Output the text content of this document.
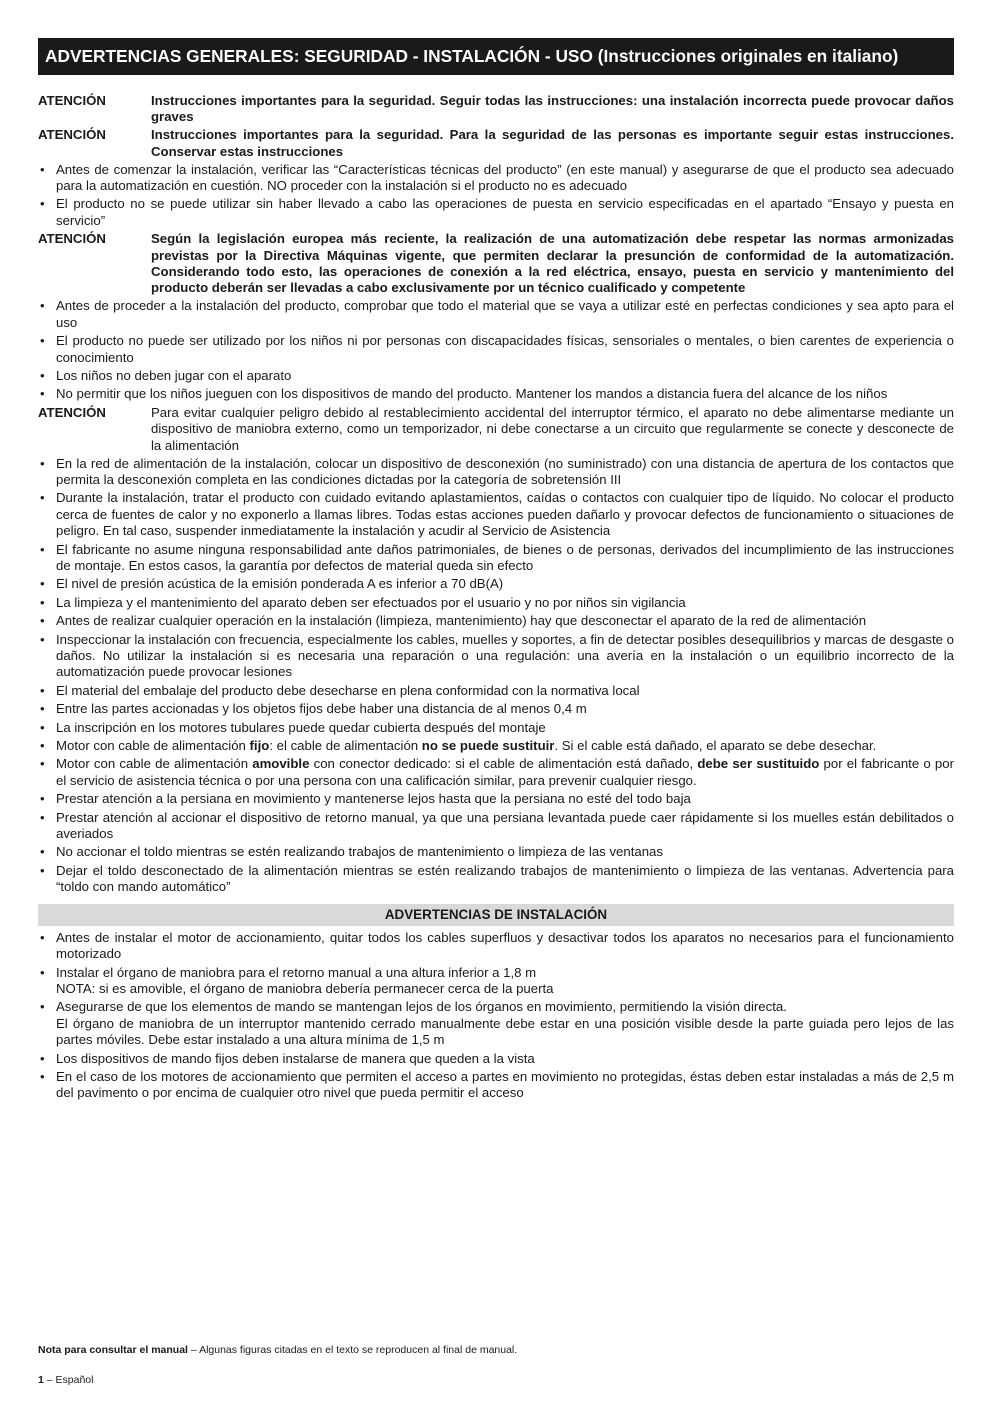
ADVERTENCIAS GENERALES: SEGURIDAD - INSTALACIÓN - USO (Instrucciones originales en italiano)
ATENCIÓN	Instrucciones importantes para la seguridad. Seguir todas las instrucciones: una instalación incorrecta puede provocar daños graves
ATENCIÓN	Instrucciones importantes para la seguridad. Para la seguridad de las personas es importante seguir estas instrucciones. Conservar estas instrucciones
• Antes de comenzar la instalación, verificar las “Características técnicas del producto” (en este manual) y asegurarse de que el producto sea adecuado para la automatización en cuestión. NO proceder con la instalación si el producto no es adecuado
• El producto no se puede utilizar sin haber llevado a cabo las operaciones de puesta en servicio especificadas en el apartado “Ensayo y puesta en servicio”
ATENCIÓN	Según la legislación europea más reciente, la realización de una automatización debe respetar las normas armonizadas previstas por la Directiva Máquinas vigente, que permiten declarar la presunción de conformidad de la automatización. Considerando todo esto, las operaciones de conexión a la red eléctrica, ensayo, puesta en servicio y mantenimiento del producto deberán ser llevadas a cabo exclusivamente por un técnico cualificado y competente
• Antes de proceder a la instalación del producto, comprobar que todo el material que se vaya a utilizar esté en perfectas condiciones y sea apto para el uso
• El producto no puede ser utilizado por los niños ni por personas con discapacidades físicas, sensoriales o mentales, o bien carentes de experiencia o conocimiento
• Los niños no deben jugar con el aparato
• No permitir que los niños jueguen con los dispositivos de mando del producto. Mantener los mandos a distancia fuera del alcance de los niños
ATENCIÓN	Para evitar cualquier peligro debido al restablecimiento accidental del interruptor térmico, el aparato no debe alimentarse mediante un dispositivo de maniobra externo, como un temporizador, ni debe conectarse a un circuito que regularmente se conecte y desconecte de la alimentación
• En la red de alimentación de la instalación, colocar un dispositivo de desconexión (no suministrado) con una distancia de apertura de los contactos que permita la desconexión completa en las condiciones dictadas por la categoría de sobretensión III
• Durante la instalación, tratar el producto con cuidado evitando aplastamientos, caídas o contactos con cualquier tipo de líquido. No colocar el producto cerca de fuentes de calor y no exponerlo a llamas libres. Todas estas acciones pueden dañarlo y provocar defectos de funcionamiento o situaciones de peligro. En tal caso, suspender inmediatamente la instalación y acudir al Servicio de Asistencia
• El fabricante no asume ninguna responsabilidad ante daños patrimoniales, de bienes o de personas, derivados del incumplimiento de las instrucciones de montaje. En estos casos, la garantía por defectos de material queda sin efecto
• El nivel de presión acústica de la emisión ponderada A es inferior a 70 dB(A)
• La limpieza y el mantenimiento del aparato deben ser efectuados por el usuario y no por niños sin vigilancia
• Antes de realizar cualquier operación en la instalación (limpieza, mantenimiento) hay que desconectar el aparato de la red de alimentación
• Inspeccionar la instalación con frecuencia, especialmente los cables, muelles y soportes, a fin de detectar posibles desequilibrios y marcas de desgaste o daños. No utilizar la instalación si es necesaria una reparación o una regulación: una avería en la instalación o un equilibrio incorrecto de la automatización puede provocar lesiones
• El material del embalaje del producto debe desecharse en plena conformidad con la normativa local
• Entre las partes accionadas y los objetos fijos debe haber una distancia de al menos 0,4 m
• La inscripción en los motores tubulares puede quedar cubierta después del montaje
• Motor con cable de alimentación fijo: el cable de alimentación no se puede sustituir. Si el cable está dañado, el aparato se debe desechar.
• Motor con cable de alimentación amovible con conector dedicado: si el cable de alimentación está dañado, debe ser sustituido por el fabricante o por el servicio de asistencia técnica o por una persona con una calificación similar, para prevenir cualquier riesgo.
• Prestar atención a la persiana en movimiento y mantenerse lejos hasta que la persiana no esté del todo baja
• Prestar atención al accionar el dispositivo de retorno manual, ya que una persiana levantada puede caer rápidamente si los muelles están debilitados o averiados
• No accionar el toldo mientras se estén realizando trabajos de mantenimiento o limpieza de las ventanas
• Dejar el toldo desconectado de la alimentación mientras se estén realizando trabajos de mantenimiento o limpieza de las ventanas. Advertencia para “toldo con mando automático”
ADVERTENCIAS DE INSTALACIÓN
• Antes de instalar el motor de accionamiento, quitar todos los cables superfluos y desactivar todos los aparatos no necesarios para el funcionamiento motorizado
• Instalar el órgano de maniobra para el retorno manual a una altura inferior a 1,8 m
NOTA: si es amovible, el órgano de maniobra debería permanecer cerca de la puerta
• Asegurarse de que los elementos de mando se mantengan lejos de los órganos en movimiento, permitiendo la visión directa.
El órgano de maniobra de un interruptor mantenido cerrado manualmente debe estar en una posición visible desde la parte guiada pero lejos de las partes móviles. Debe estar instalado a una altura mínima de 1,5 m
• Los dispositivos de mando fijos deben instalarse de manera que queden a la vista
• En el caso de los motores de accionamiento que permiten el acceso a partes en movimiento no protegidas, éstas deben estar instaladas a más de 2,5 m del pavimento o por encima de cualquier otro nivel que pueda permitir el acceso
Nota para consultar el manual – Algunas figuras citadas en el texto se reproducen al final de manual.
1 – Español
